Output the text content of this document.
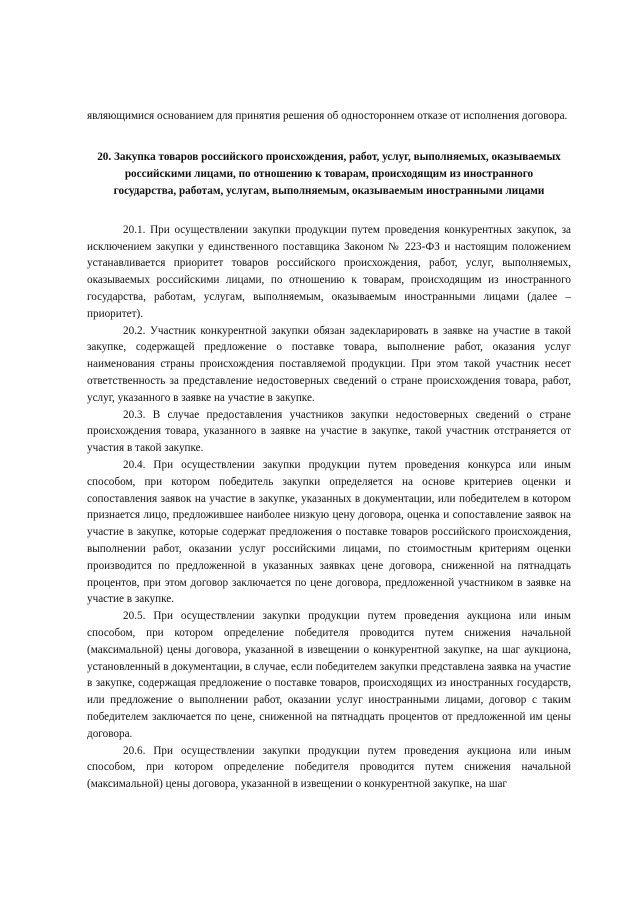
являющимися основанием для принятия решения об одностороннем отказе от исполнения договора.

20. Закупка товаров российского происхождения, работ, услуг, выполняемых, оказываемых российскими лицами, по отношению к товарам, происходящим из иностранного государства, работам, услугам, выполняемым, оказываемым иностранными лицами

20.1. При осуществлении закупки продукции путем проведения конкурентных закупок, за исключением закупки у единственного поставщика Законом № 223-ФЗ и настоящим положением устанавливается приоритет товаров российского происхождения, работ, услуг, выполняемых, оказываемых российскими лицами, по отношению к товарам, происходящим из иностранного государства, работам, услугам, выполняемым, оказываемым иностранными лицами (далее – приоритет).

20.2. Участник конкурентной закупки обязан задекларировать в заявке на участие в такой закупке, содержащей предложение о поставке товара, выполнение работ, оказания услуг наименования страны происхождения поставляемой продукции. При этом такой участник несет ответственность за представление недостоверных сведений о стране происхождения товара, работ, услуг, указанного в заявке на участие в закупке.

20.3. В случае предоставления участников закупки недостоверных сведений о стране происхождения товара, указанного в заявке на участие в закупке, такой участник отстраняется от участия в такой закупке.

20.4. При осуществлении закупки продукции путем проведения конкурса или иным способом, при котором победитель закупки определяется на основе критериев оценки и сопоставления заявок на участие в закупке, указанных в документации, или победителем в котором признается лицо, предложившее наиболее низкую цену договора, оценка и сопоставление заявок на участие в закупке, которые содержат предложения о поставке товаров российского происхождения, выполнении работ, оказании услуг российскими лицами, по стоимостным критериям оценки производится по предложенной в указанных заявках цене договора, сниженной на пятнадцать процентов, при этом договор заключается по цене договора, предложенной участником в заявке на участие в закупке.

20.5. При осуществлении закупки продукции путем проведения аукциона или иным способом, при котором определение победителя проводится путем снижения начальной (максимальной) цены договора, указанной в извещении о конкурентной закупке, на шаг аукциона, установленный в документации, в случае, если победителем закупки представлена заявка на участие в закупке, содержащая предложение о поставке товаров, происходящих из иностранных государств, или предложение о выполнении работ, оказании услуг иностранными лицами, договор с таким победителем заключается по цене, сниженной на пятнадцать процентов от предложенной им цены договора.

20.6. При осуществлении закупки продукции путем проведения аукциона или иным способом, при котором определение победителя проводится путем снижения начальной (максимальной) цены договора, указанной в извещении о конкурентной закупке, на шаг
